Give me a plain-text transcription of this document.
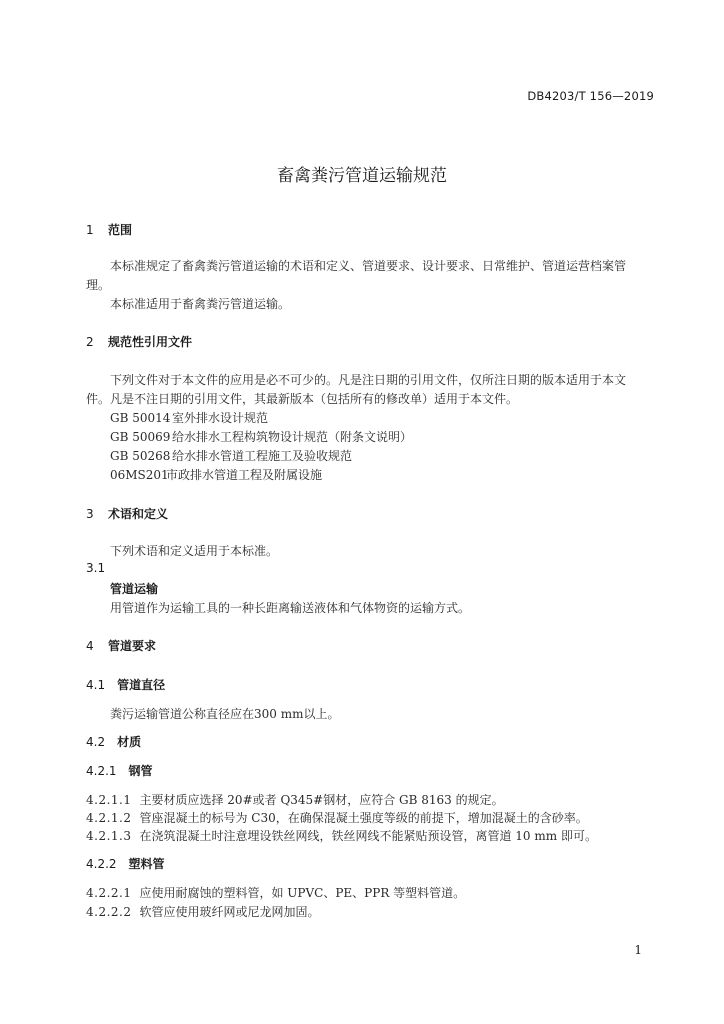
DB4203/T 156—2019
畜禽粪污管道运输规范
1 范围
本标准规定了畜禽粪污管道运输的术语和定义、管道要求、设计要求、日常维护、管道运营档案管
理。
本标准适用于畜禽粪污管道运输。
2 规范性引用文件
下列文件对于本文件的应用是必不可少的。凡是注日期的引用文件，仅所注日期的版本适用于本文
件。凡是不注日期的引用文件，其最新版本（包括所有的修改单）适用于本文件。
GB 50014 室外排水设计规范
GB 50069 给水排水工程构筑物设计规范（附条文说明）
GB 50268 给水排水管道工程施工及验收规范
06MS201市政排水管道工程及附属设施
3 术语和定义
下列术语和定义适用于本标准。
3.1
管道运输
用管道作为运输工具的一种长距离输送液体和气体物资的运输方式。
4 管道要求
4.1 管道直径
粪污运输管道公称直径应在300 mm以上。
4.2 材质
4.2.1 钢管
4.2.1.1 主要材质应选择 20#或者 Q345#钢材，应符合 GB 8163 的规定。
4.2.1.2 管座混凝土的标号为 C30，在确保混凝土强度等级的前提下，增加混凝土的含砂率。
4.2.1.3 在浇筑混凝土时注意埋设铁丝网线，铁丝网线不能紧贴预设管，离管道 10 mm 即可。
4.2.2 塑料管
4.2.2.1 应使用耐腐蚀的塑料管，如 UPVC、PE、PPR 等塑料管道。
4.2.2.2 软管应使用玻纤网或尼龙网加固。
1
